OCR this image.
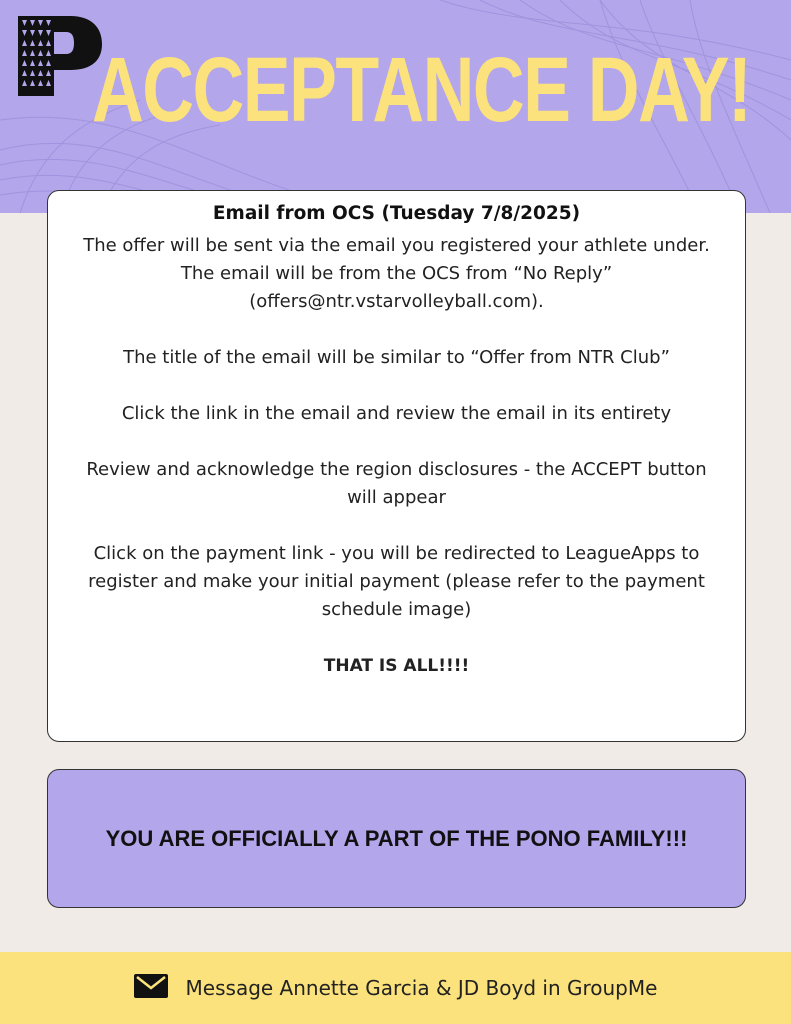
ACCEPTANCE DAY!
Email from OCS (Tuesday 7/8/2025)
The offer will be sent via the email you registered your athlete under. The email will be from the OCS from “No Reply” (offers@ntr.vstarvolleyball.com).
The title of the email will be similar to “Offer from NTR Club”
Click the link in the email and review the email in its entirety
Review and acknowledge the region disclosures - the ACCEPT button will appear
Click on the payment link - you will be redirected to LeagueApps to register and make your initial payment (please refer to the payment schedule image)
THAT IS ALL!!!!
YOU ARE OFFICIALLY A PART OF THE PONO FAMILY!!!
Message Annette Garcia & JD Boyd in GroupMe
